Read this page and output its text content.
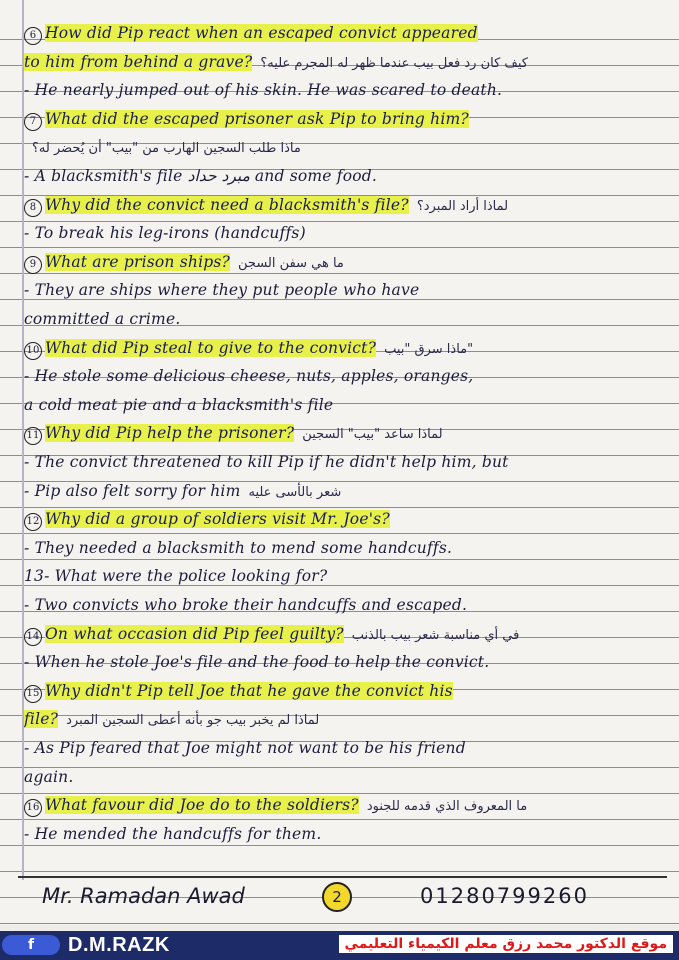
6 How did Pip react when an escaped convict appeared
to him from behind a grave? كيف كان رد فعل بيب عندما ظهر له المجرم عليه؟
- He nearly jumped out of his skin. He was scared to death.
7 What did the escaped prisoner ask Pip to bring him?
ماذا طلب السجين الهارب من "بيب" أن يُحضر له؟
- A blacksmith's file مبرد حداد and some food.
8 Why did the convict need a blacksmith's file? لماذا أراد المبرد؟
- To break his leg-irons (handcuffs)
9 What are prison ships? ما هي سفن السجن
- They are ships where they put people who have
committed a crime.
10 What did Pip steal to give to the convict? ماذا سرق "بيب"
- He stole some delicious cheese, nuts, apples, oranges,
a cold meat pie and a blacksmith's file
11 Why did Pip help the prisoner? لماذا ساعد "بيب" السجين
- The convict threatened to kill Pip if he didn't help him, but
- Pip also felt sorry for him شعر بالأسى عليه
12 Why did a group of soldiers visit Mr. Joe's?
- They needed a blacksmith to mend some handcuffs.
13- What were the police looking for?
- Two convicts who broke their handcuffs and escaped.
14 On what occasion did Pip feel guilty? في أي مناسبة شعر بيب بالذنب
- When he stole Joe's file and the food to help the convict.
15 Why didn't Pip tell Joe that he gave the convict his
file? لماذا لم يخبر بيب جو بأنه أعطى السجين المبرد
- As Pip feared that Joe might not want to be his friend
again.
16 What favour did Joe do to the soldiers? ما المعروف الذي قدمه للجنود
- He mended the handcuffs for them.
Mr. Ramadan Awad	2	01280799260
f	D.M.RAZK	موقع الدكتور محمد رزق معلم الكيمياء التعليمي
